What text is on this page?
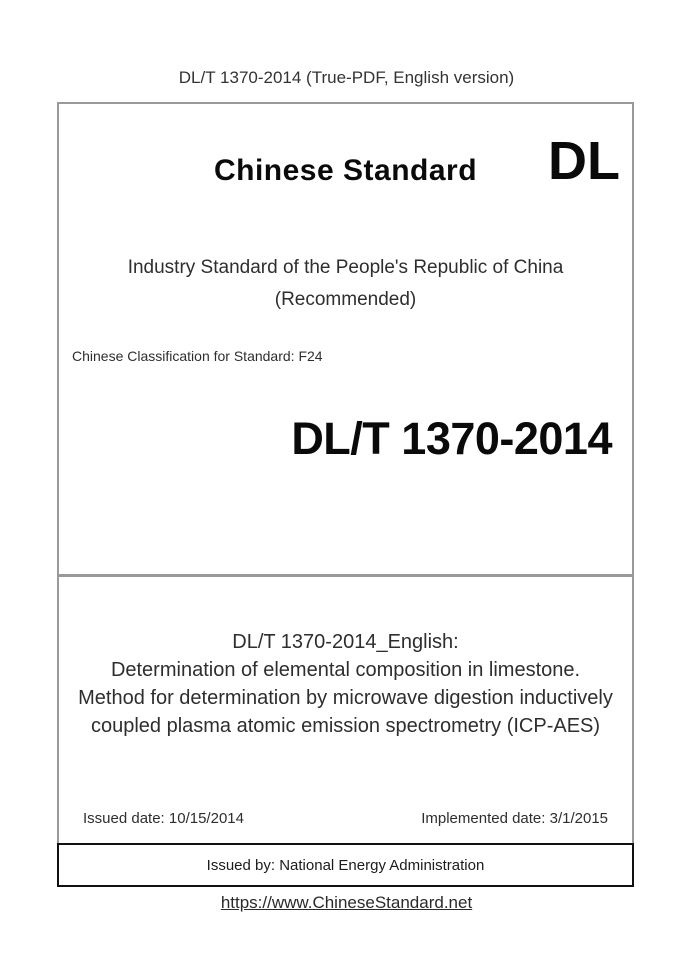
DL/T 1370-2014 (True-PDF, English version)
Chinese Standard	DL
Industry Standard of the People's Republic of China
(Recommended)
Chinese Classification for Standard: F24
DL/T 1370-2014
DL/T 1370-2014_English:
Determination of elemental composition in limestone.
Method for determination by microwave digestion inductively
coupled plasma atomic emission spectrometry (ICP-AES)
Issued date: 10/15/2014	Implemented date: 3/1/2015
Issued by: National Energy Administration
https://www.ChineseStandard.net
